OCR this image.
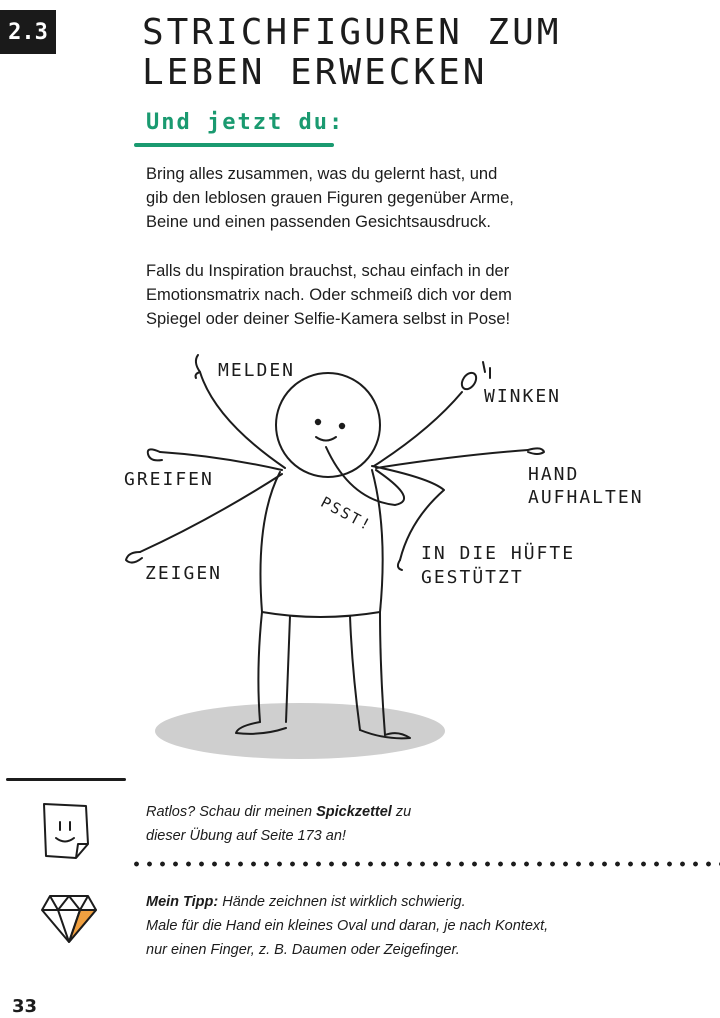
2.3	STRICHFIGUREN ZUM
LEBEN ERWECKEN
Und jetzt du:
Bring alles zusammen, was du gelernt hast, und
gib den leblosen grauen Figuren gegenüber Arme,
Beine und einen passenden Gesichtsausdruck.
Falls du Inspiration brauchst, schau einfach in der
Emotionsmatrix nach. Oder schmeiß dich vor dem
Spiegel oder deiner Selfie-Kamera selbst in Pose!
MELDEN
WINKEN
GREIFEN	HAND
AUFHALTEN
ZEIGEN
PSST!
IN DIE HÜFTE
GESTÜTZT
Ratlos? Schau dir meinen Spickzettel zu
dieser Übung auf Seite 173 an!
Mein Tipp: Hände zeichnen ist wirklich schwierig.
Male für die Hand ein kleines Oval und daran, je nach Kontext,
nur einen Finger, z. B. Daumen oder Zeigefinger.
33
